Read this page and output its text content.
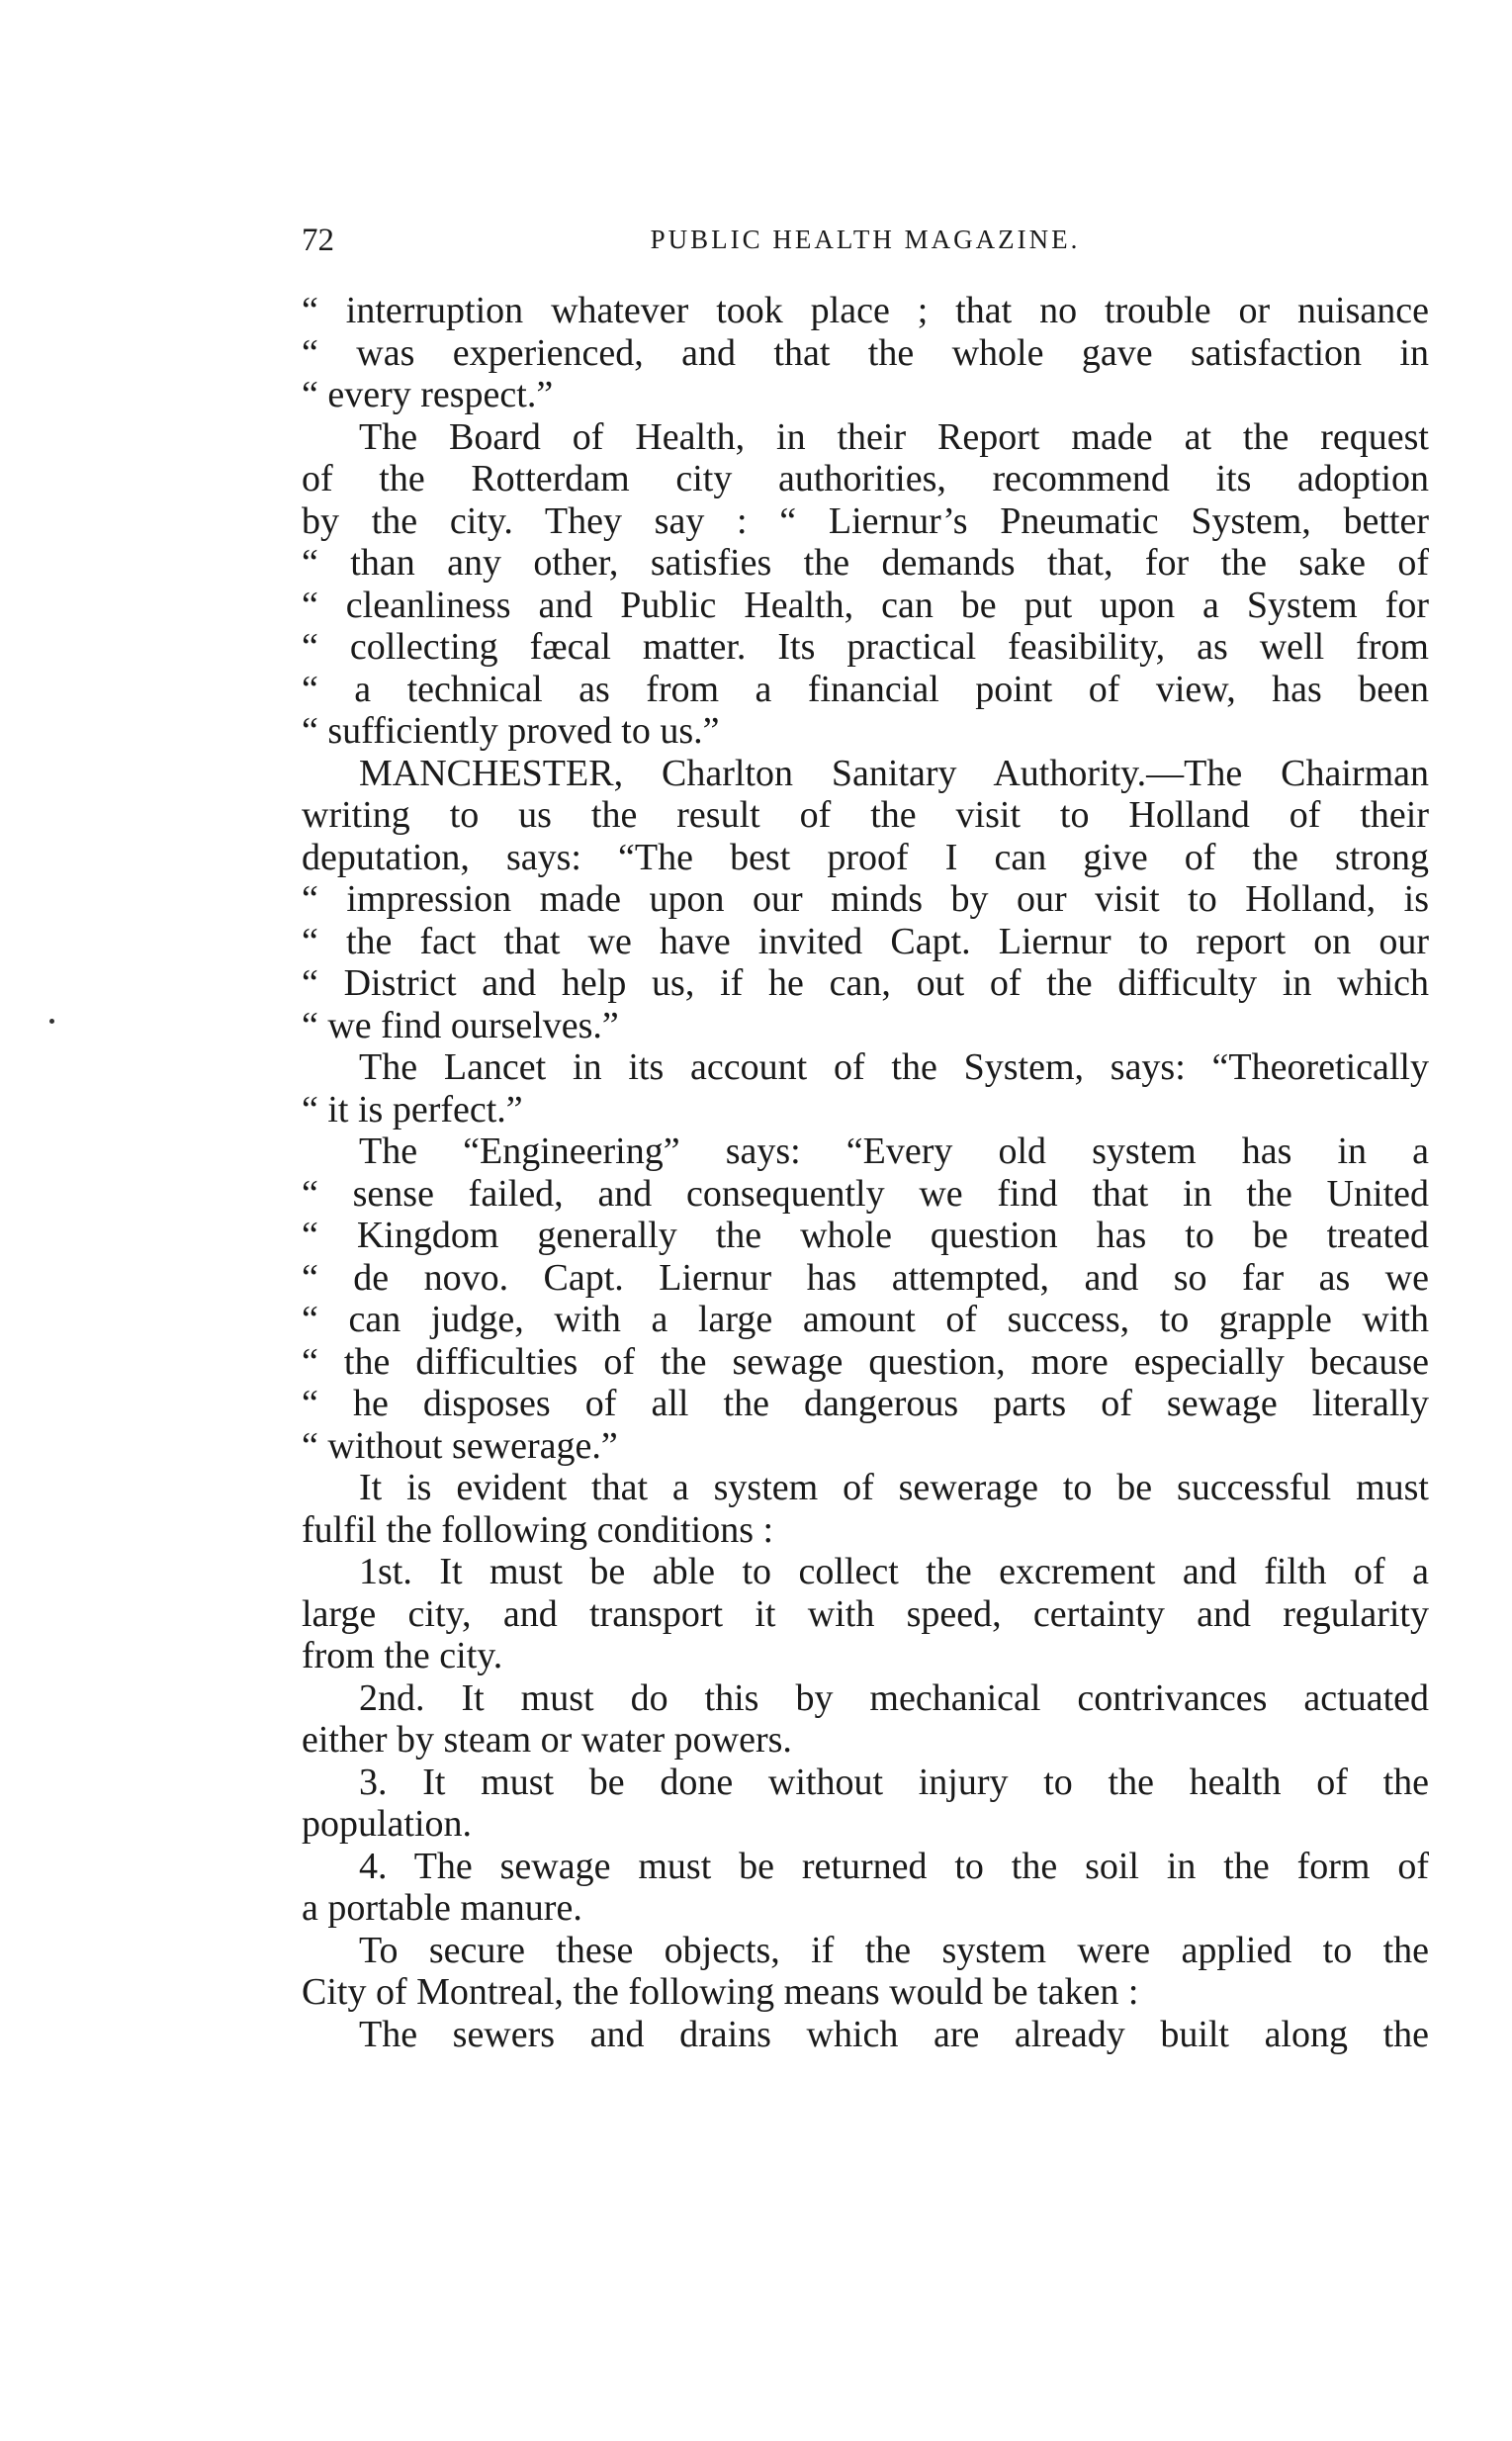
72	PUBLIC HEALTH MAGAZINE.
“ interruption whatever took place ; that no trouble or nuisance
“ was experienced, and that the whole gave satisfaction in
“ every respect.”
The Board of Health, in their Report made at the request
of the Rotterdam city authorities, recommend its adoption
by the city. They say : “ Liernur’s Pneumatic System, better
“ than any other, satisfies the demands that, for the sake of
“ cleanliness and Public Health, can be put upon a System for
“ collecting fæcal matter. Its practical feasibility, as well from
“ a technical as from a financial point of view, has been
“ sufficiently proved to us.”
MANCHESTER, Charlton Sanitary Authority.—The Chairman
writing to us the result of the visit to Holland of their
deputation, says: “The best proof I can give of the strong
“ impression made upon our minds by our visit to Holland, is
“ the fact that we have invited Capt. Liernur to report on our
“ District and help us, if he can, out of the difficulty in which
“ we find ourselves.”
The Lancet in its account of the System, says: “Theoretically
“ it is perfect.”
The “Engineering” says: “Every old system has in a
“ sense failed, and consequently we find that in the United
“ Kingdom generally the whole question has to be treated
“ de novo. Capt. Liernur has attempted, and so far as we
“ can judge, with a large amount of success, to grapple with
“ the difficulties of the sewage question, more especially because
“ he disposes of all the dangerous parts of sewage literally
“ without sewerage.”
It is evident that a system of sewerage to be successful must
fulfil the following conditions :
1st. It must be able to collect the excrement and filth of a
large city, and transport it with speed, certainty and regularity
from the city.
2nd. It must do this by mechanical contrivances actuated
either by steam or water powers.
3. It must be done without injury to the health of the
population.
4. The sewage must be returned to the soil in the form of
a portable manure.
To secure these objects, if the system were applied to the
City of Montreal, the following means would be taken :
The sewers and drains which are already built along the
